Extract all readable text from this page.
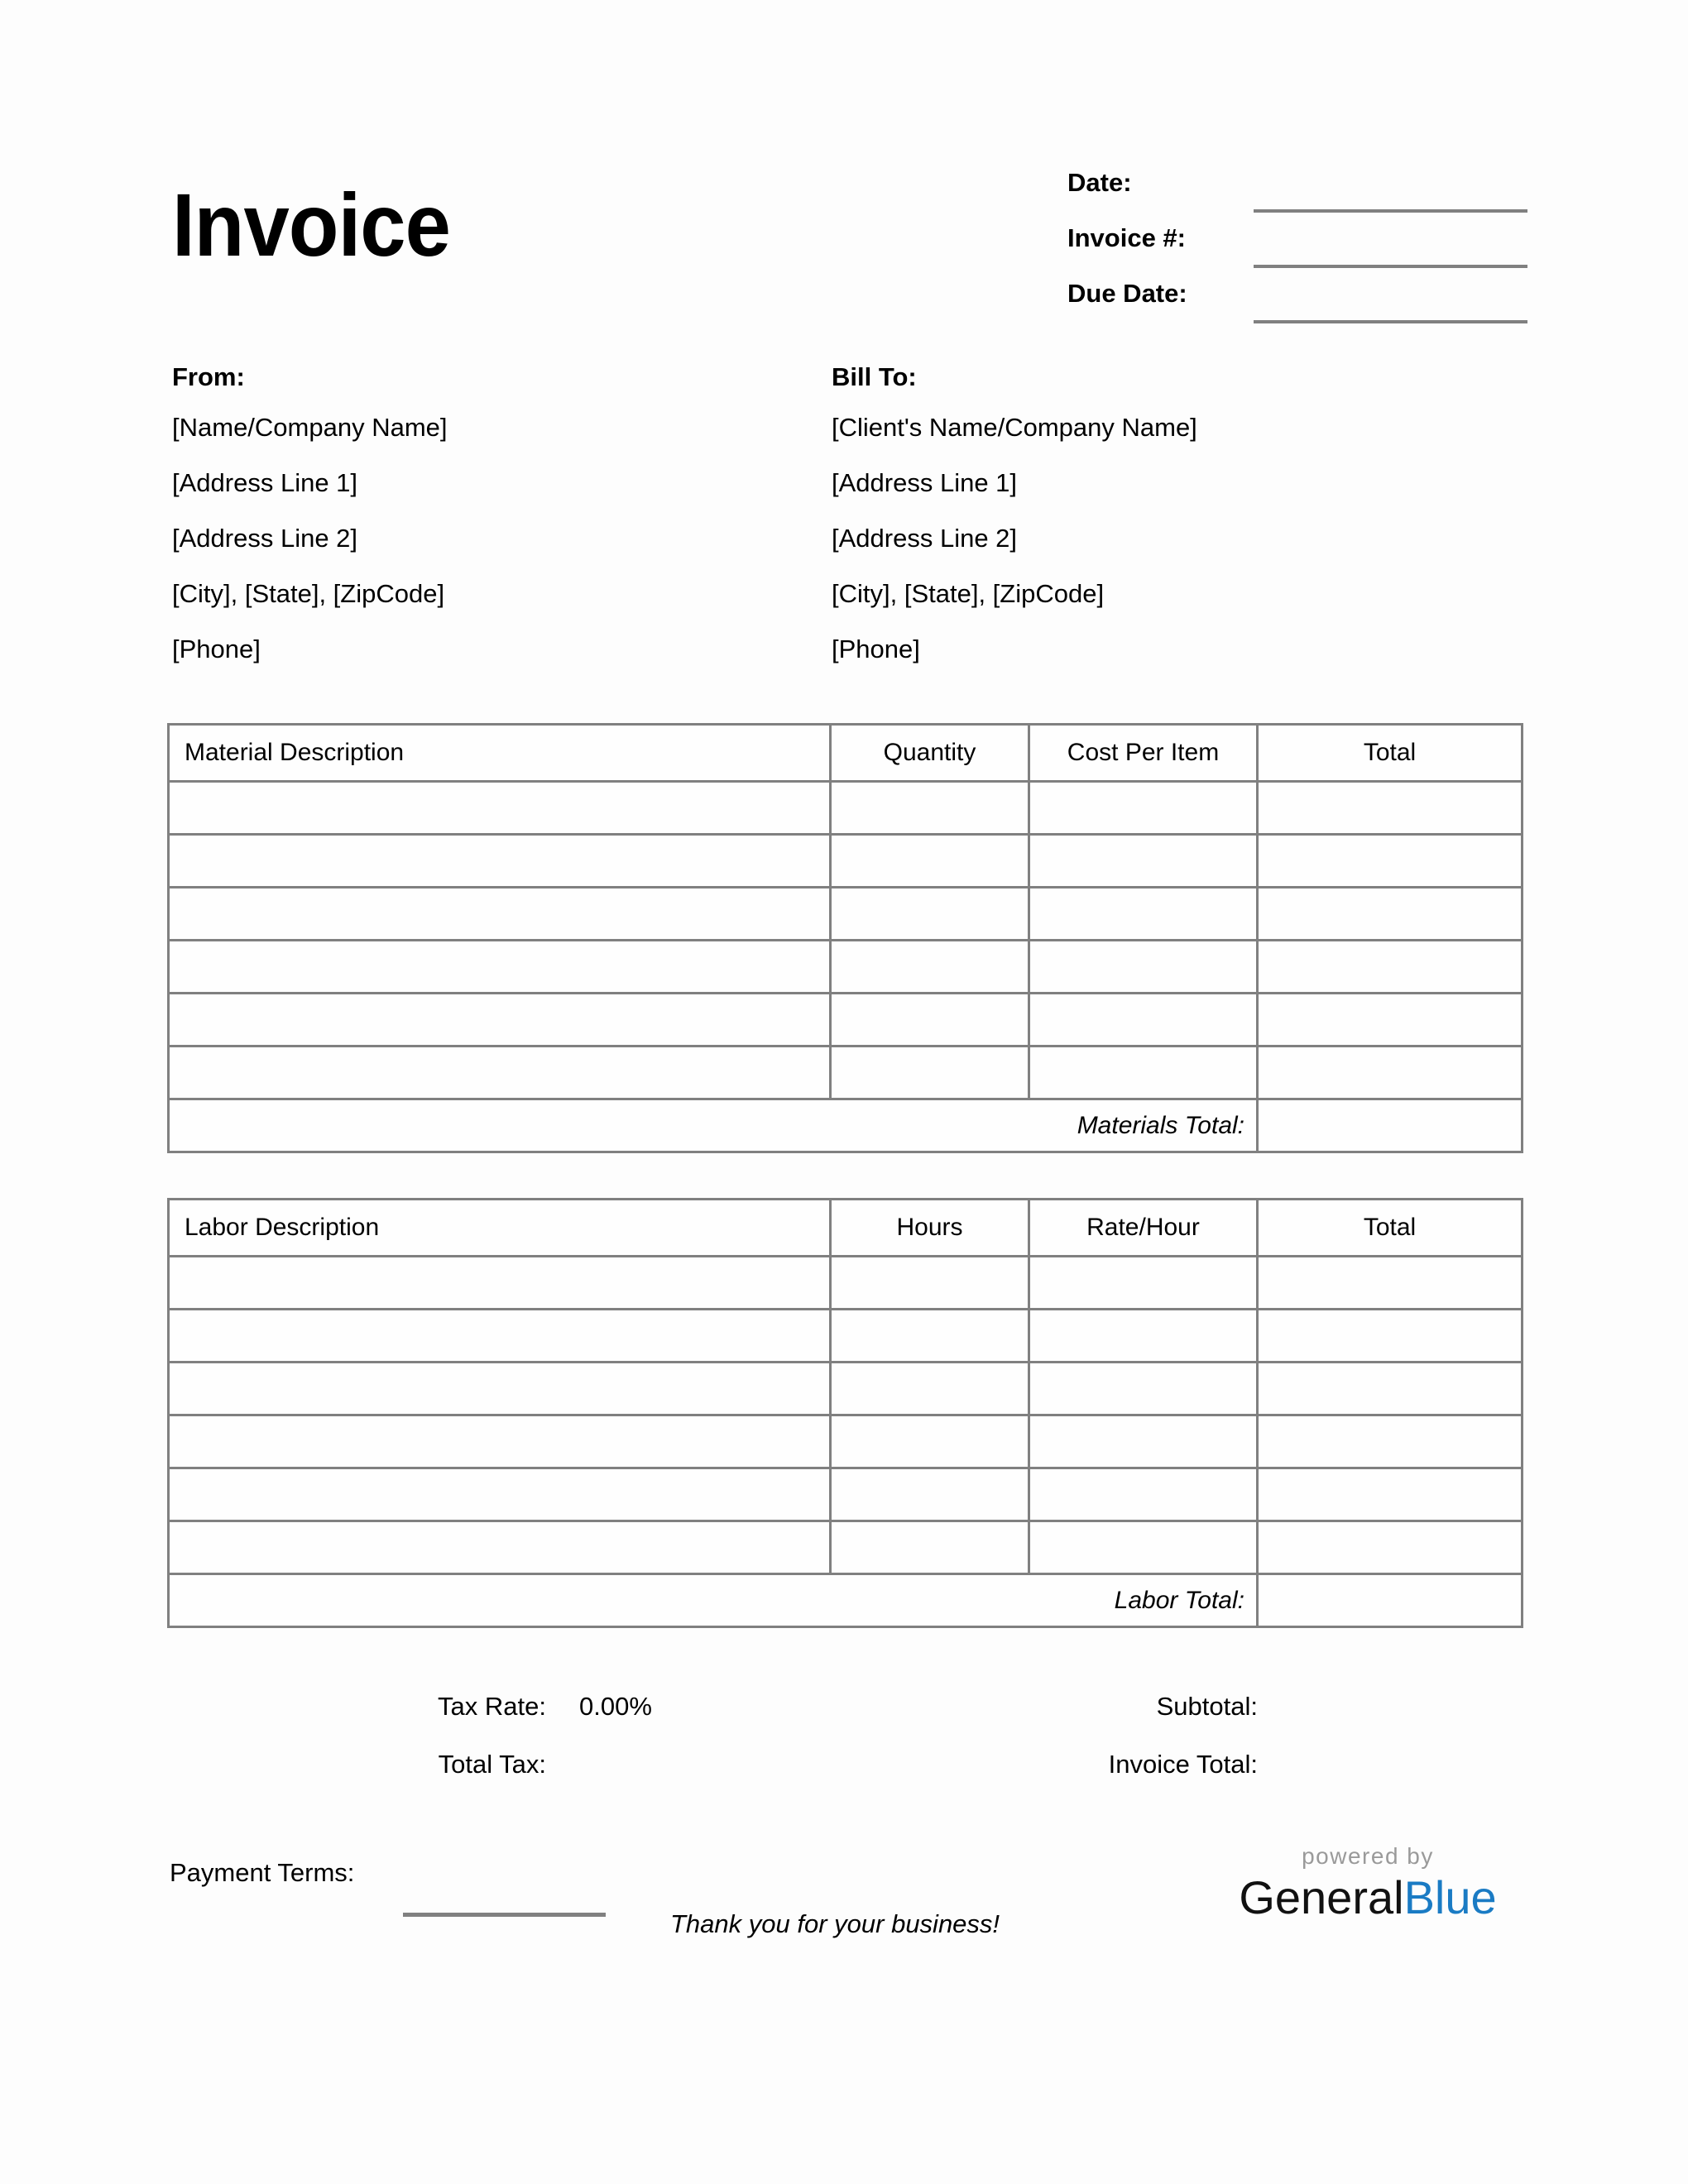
Invoice	Date:
Invoice #:
Due Date:
From:
[Name/Company Name]
[Address Line 1]
[Address Line 2]
[City], [State], [ZipCode]
[Phone]
Bill To:
[Client's Name/Company Name]
[Address Line 1]
[Address Line 2]
[City], [State], [ZipCode]
[Phone]
Material Description	Quantity	Cost Per Item	Total

Materials Total:			
Labor Description	Hours	Rate/Hour	Total

Labor Total:			
Tax Rate: 0.00%
Total Tax:
Subtotal:
Invoice Total:
Payment Terms:
Thank you for your business!
powered by
GeneralBlue
